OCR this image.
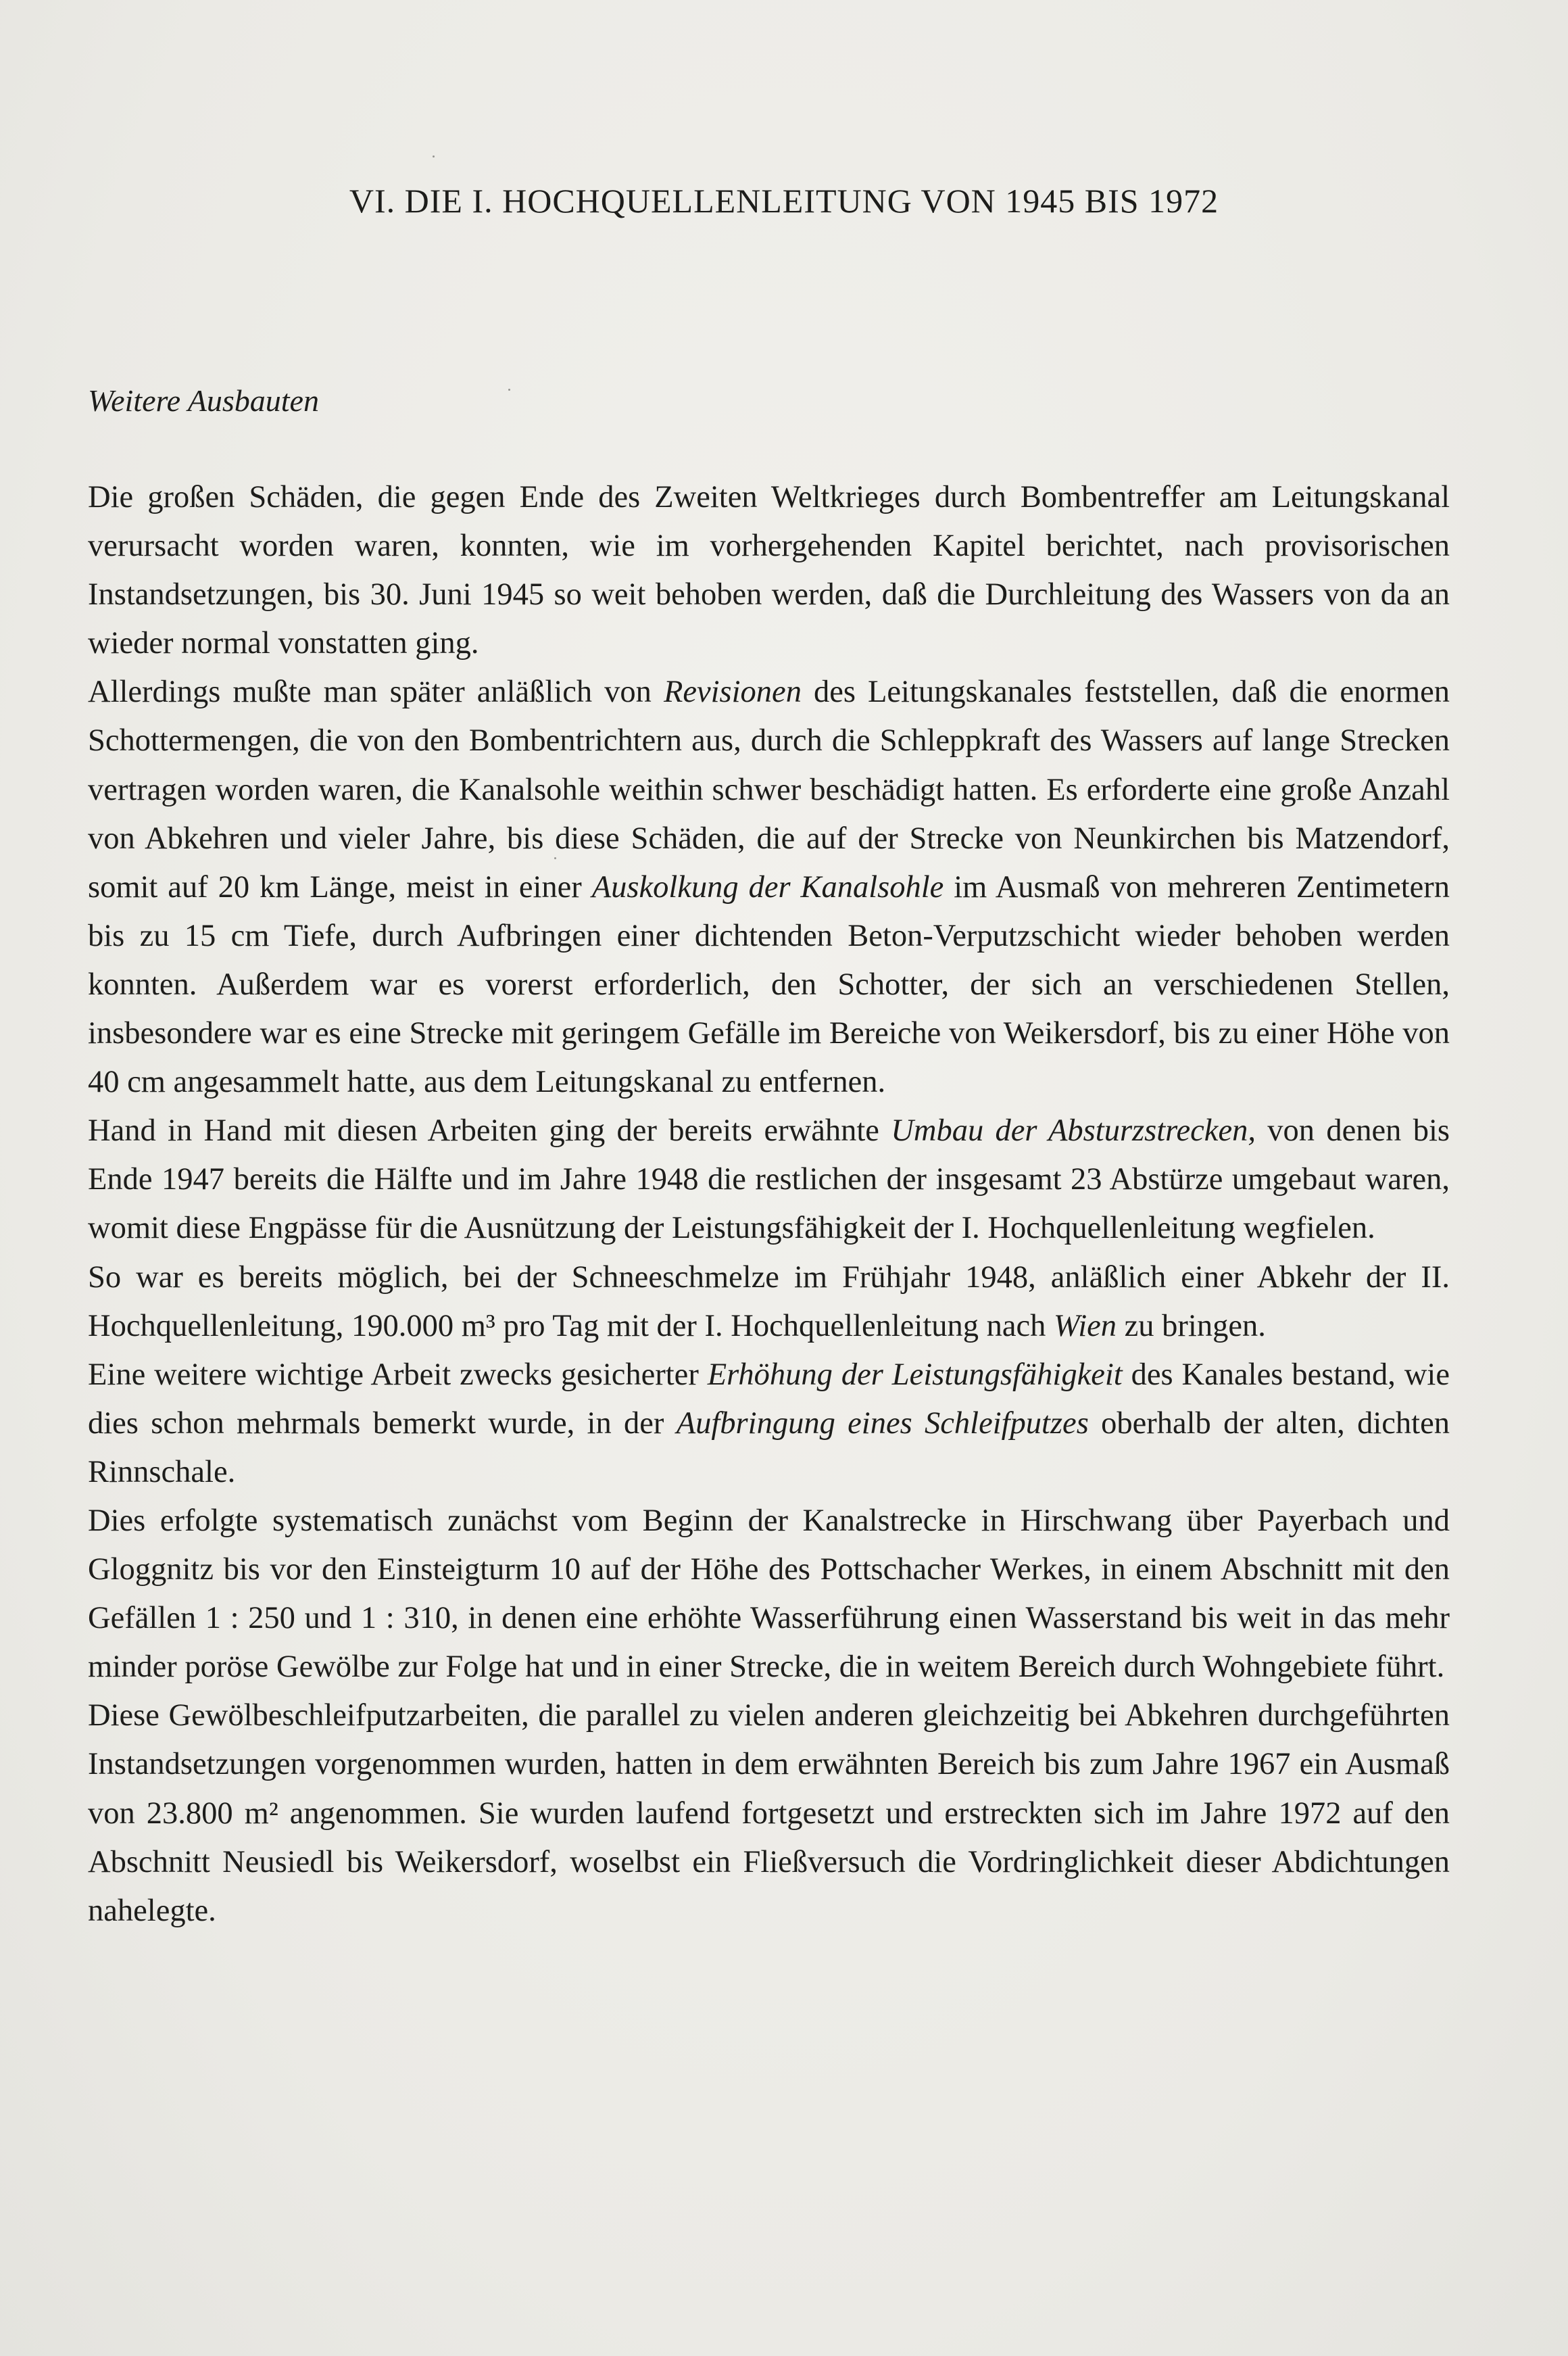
VI. DIE I. HOCHQUELLENLEITUNG VON 1945 BIS 1972
Weitere Ausbauten

Die großen Schäden, die gegen Ende des Zweiten Weltkrieges durch Bombentreffer am Leitungskanal verursacht worden waren, konnten, wie im vorhergehenden Kapitel berichtet, nach provisorischen Instandsetzungen, bis 30. Juni 1945 so weit behoben werden, daß die Durchleitung des Wassers von da an wieder normal vonstatten ging.

Allerdings mußte man später anläßlich von Revisionen des Leitungskanales feststellen, daß die enormen Schottermengen, die von den Bombentrichtern aus, durch die Schleppkraft des Wassers auf lange Strecken vertragen worden waren, die Kanalsohle weithin schwer beschädigt hatten. Es erforderte eine große Anzahl von Abkehren und vieler Jahre, bis diese Schäden, die auf der Strecke von Neunkirchen bis Matzendorf, somit auf 20 km Länge, meist in einer Auskolkung der Kanalsohle im Ausmaß von mehreren Zentimetern bis zu 15 cm Tiefe, durch Aufbringen einer dichtenden Beton-Verputzschicht wieder behoben werden konnten. Außerdem war es vorerst erforderlich, den Schotter, der sich an verschiedenen Stellen, insbesondere war es eine Strecke mit geringem Gefälle im Bereiche von Weikersdorf, bis zu einer Höhe von 40 cm angesammelt hatte, aus dem Leitungskanal zu entfernen.

Hand in Hand mit diesen Arbeiten ging der bereits erwähnte Umbau der Absturzstrecken, von denen bis Ende 1947 bereits die Hälfte und im Jahre 1948 die restlichen der insgesamt 23 Abstürze umgebaut waren, womit diese Engpässe für die Ausnützung der Leistungsfähigkeit der I. Hochquellenleitung wegfielen.

So war es bereits möglich, bei der Schneeschmelze im Frühjahr 1948, anläßlich einer Abkehr der II. Hochquellenleitung, 190.000 m³ pro Tag mit der I. Hochquellenleitung nach Wien zu bringen.

Eine weitere wichtige Arbeit zwecks gesicherter Erhöhung der Leistungsfähigkeit des Kanales bestand, wie dies schon mehrmals bemerkt wurde, in der Aufbringung eines Schleifputzes oberhalb der alten, dichten Rinnschale.

Dies erfolgte systematisch zunächst vom Beginn der Kanalstrecke in Hirschwang über Payerbach und Gloggnitz bis vor den Einsteigturm 10 auf der Höhe des Pottschacher Werkes, in einem Abschnitt mit den Gefällen 1 : 250 und 1 : 310, in denen eine erhöhte Wasserführung einen Wasserstand bis weit in das mehr minder poröse Gewölbe zur Folge hat und in einer Strecke, die in weitem Bereich durch Wohngebiete führt.

Diese Gewölbeschleifputzarbeiten, die parallel zu vielen anderen gleichzeitig bei Abkehren durchgeführten Instandsetzungen vorgenommen wurden, hatten in dem erwähnten Bereich bis zum Jahre 1967 ein Ausmaß von 23.800 m² angenommen. Sie wurden laufend fortgesetzt und erstreckten sich im Jahre 1972 auf den Abschnitt Neusiedl bis Weikersdorf, woselbst ein Fließversuch die Vordringlichkeit dieser Abdichtungen nahelegte.
